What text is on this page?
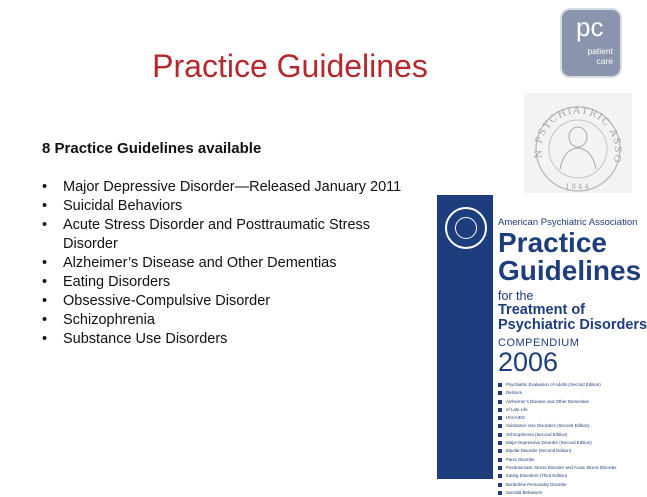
Practice Guidelines
8 Practice Guidelines available
• Major Depressive Disorder—Released January 2011
• Suicidal Behaviors
• Acute Stress Disorder and Posttraumatic Stress Disorder
• Alzheimer’s Disease and Other Dementias
• Eating Disorders
• Obsessive-Compulsive Disorder
• Schizophrenia
• Substance Use Disorders
pc
patient
care
N PSYCHIATRIC ASSO
1844
American Psychiatric Association
Practice
Guidelines
for the
Treatment of
Psychiatric Disorders
COMPENDIUM
2006
Psychiatric Evaluation of Adults (Second Edition)
Delirium
Alzheimer’s Disease and Other Dementias
of Late Life
HIV/AIDS
Substance Use Disorders (Second Edition)
Schizophrenia (Second Edition)
Major Depressive Disorder (Second Edition)
Bipolar Disorder (Second Edition)
Panic Disorder
Posttraumatic Stress Disorder and Acute Stress Disorder
Eating Disorders (Third Edition)
Borderline Personality Disorder
Suicidal Behaviors
